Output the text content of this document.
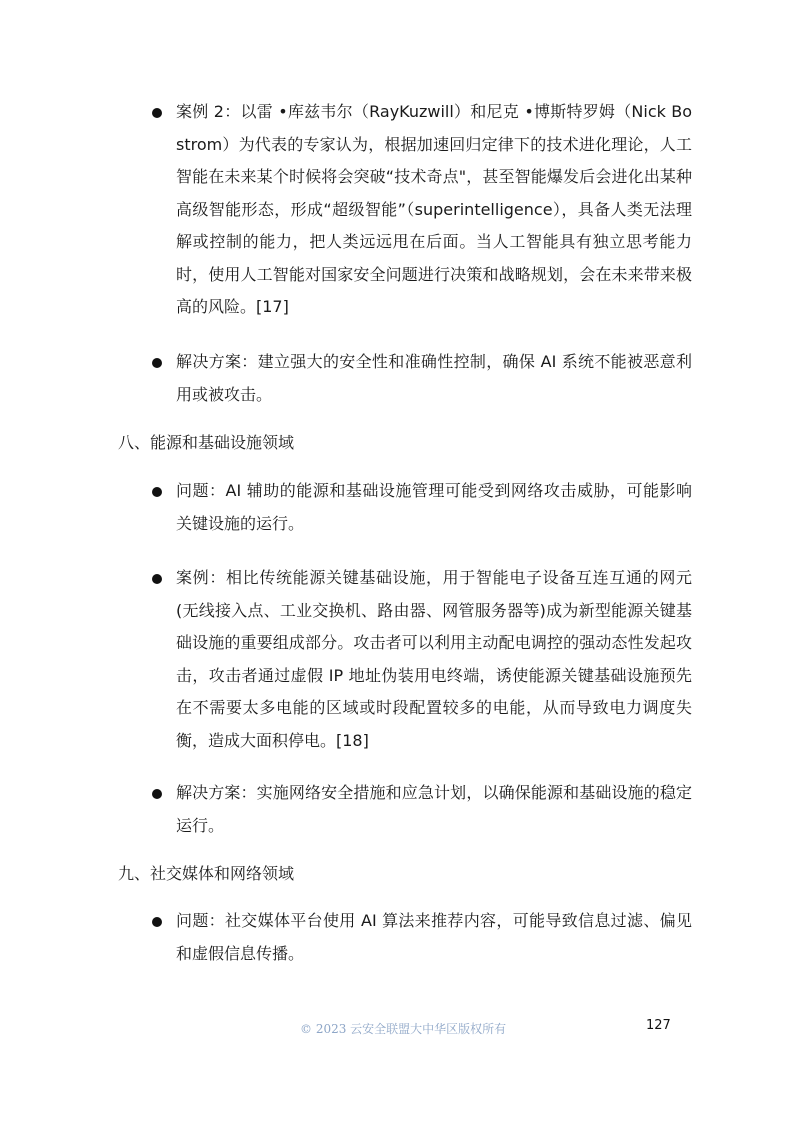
案例 2：以雷 •库兹韦尔（RayKuzwill）和尼克 •博斯特罗姆（Nick Bostrom）为代表的专家认为，根据加速回归定律下的技术进化理论，人工智能在未来某个时候将会突破“技术奇点"，甚至智能爆发后会进化出某种高级智能形态，形成“超级智能”（superintelligence），具备人类无法理解或控制的能力，把人类远远甩在后面。当人工智能具有独立思考能力时，使用人工智能对国家安全问题进行决策和战略规划，会在未来带来极高的风险。[17]
解决方案：建立强大的安全性和准确性控制，确保 AI 系统不能被恶意利用或被攻击。
八、能源和基础设施领域
问题：AI 辅助的能源和基础设施管理可能受到网络攻击威胁，可能影响关键设施的运行。
案例：相比传统能源关键基础设施，用于智能电子设备互连互通的网元(无线接入点、工业交换机、路由器、网管服务器等)成为新型能源关键基础设施的重要组成部分。攻击者可以利用主动配电调控的强动态性发起攻击，攻击者通过虚假 IP 地址伪装用电终端，诱使能源关键基础设施预先在不需要太多电能的区域或时段配置较多的电能，从而导致电力调度失衡，造成大面积停电。[18]
解决方案：实施网络安全措施和应急计划，以确保能源和基础设施的稳定运行。
九、社交媒体和网络领域
问题：社交媒体平台使用 AI 算法来推荐内容，可能导致信息过滤、偏见和虚假信息传播。
© 2023 云安全联盟大中华区版权所有	127
